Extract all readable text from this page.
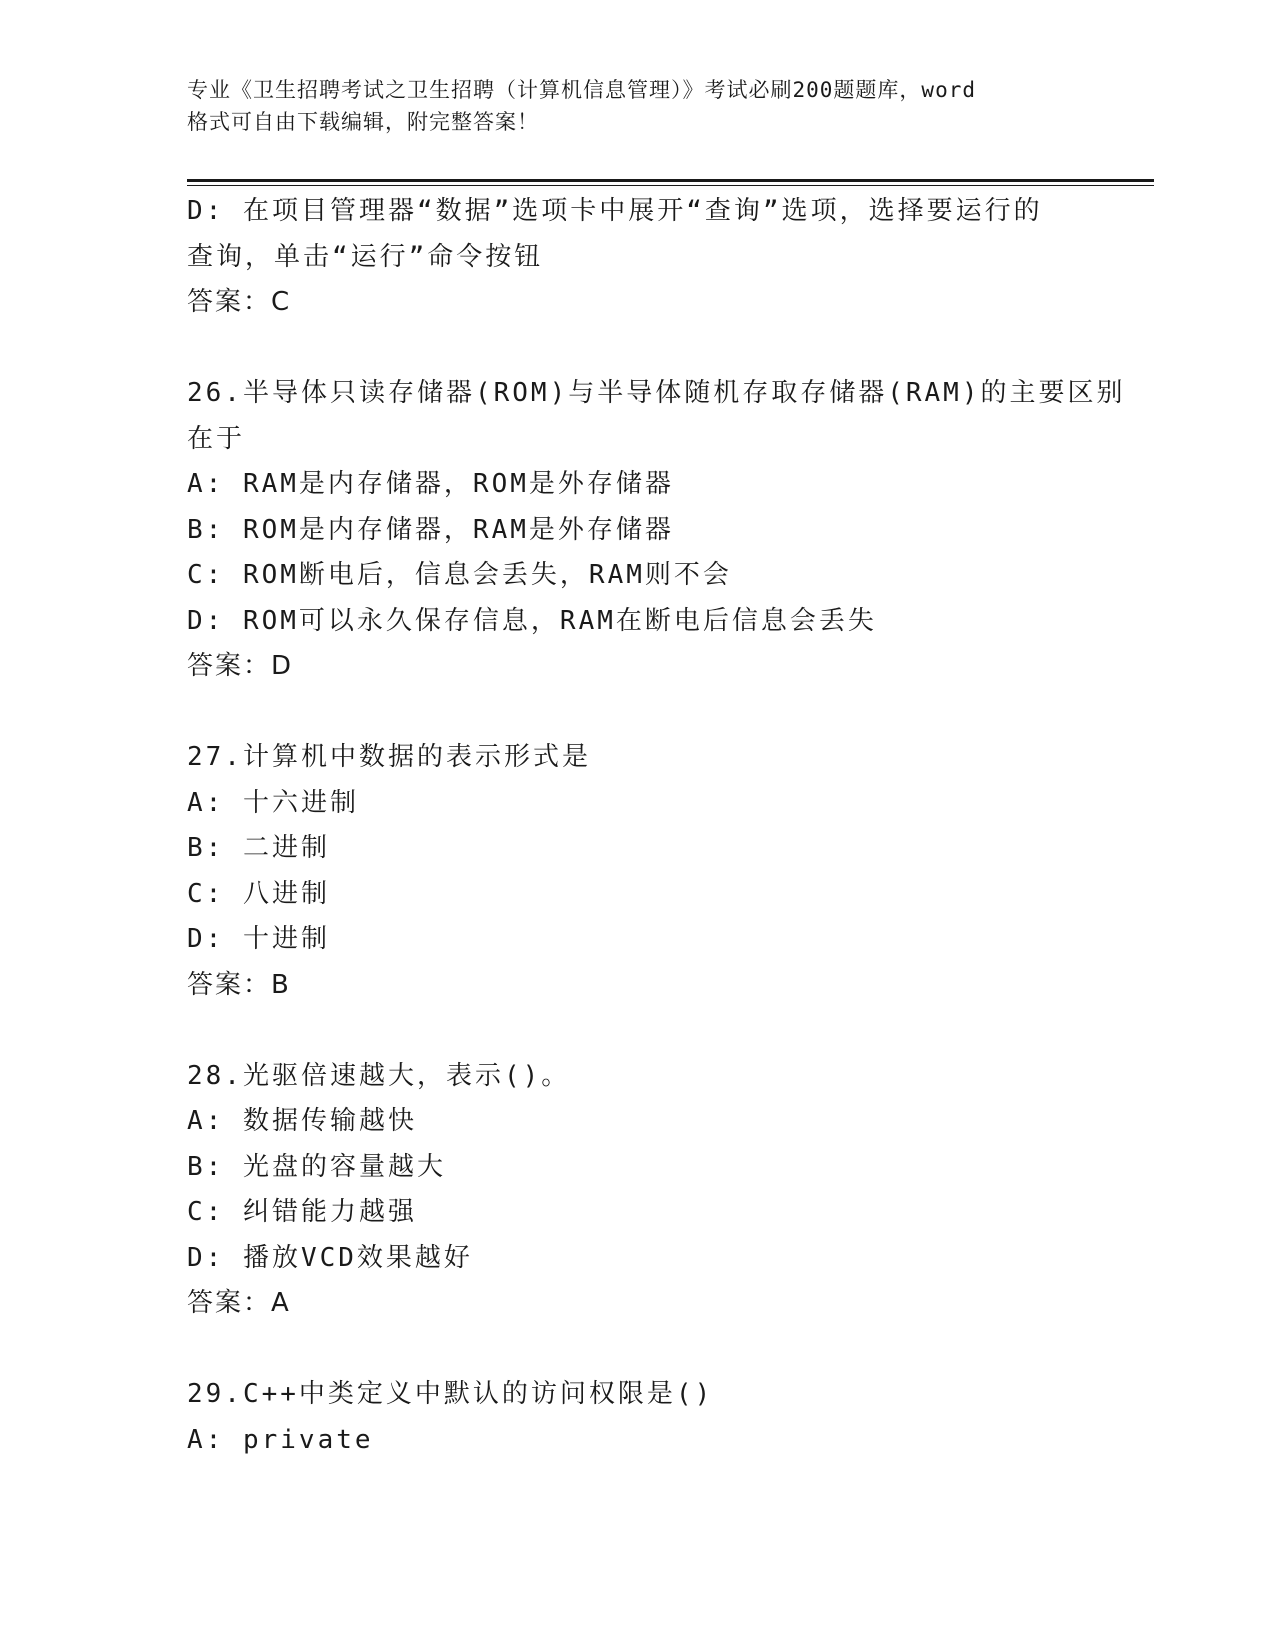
专业《卫生招聘考试之卫生招聘（计算机信息管理）》考试必刷200题题库，word
格式可自由下载编辑，附完整答案！
D: 在项目管理器“数据”选项卡中展开“查询”选项，选择要运行的
查询，单击“运行”命令按钮
答案：C
26.半导体只读存储器(ROM)与半导体随机存取存储器(RAM)的主要区别
在于
A: RAM是内存储器，ROM是外存储器
B: ROM是内存储器，RAM是外存储器
C: ROM断电后，信息会丢失，RAM则不会
D: ROM可以永久保存信息，RAM在断电后信息会丢失
答案：D
27.计算机中数据的表示形式是
A: 十六进制
B: 二进制
C: 八进制
D: 十进制
答案：B
28.光驱倍速越大，表示()。
A: 数据传输越快
B: 光盘的容量越大
C: 纠错能力越强
D: 播放VCD效果越好
答案：A
29.C++中类定义中默认的访问权限是()
A: private
